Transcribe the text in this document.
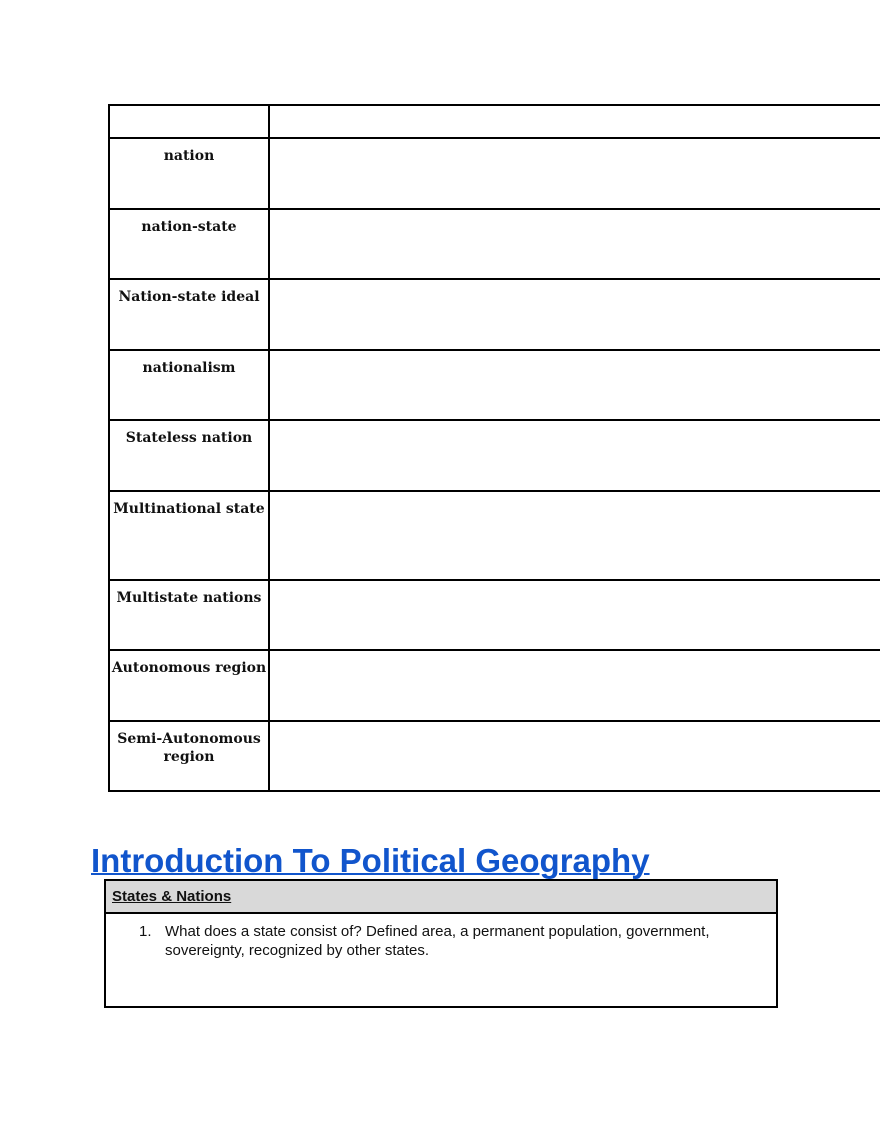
nation	
nation-state	
Nation-state ideal	
nationalism	
Stateless nation	
Multinational state	
Multistate nations	
Autonomous region	
Semi-Autonomous region	
Introduction To Political Geography
States & Nations

1. What does a state consist of? Defined area, a permanent population, government, sovereignty, recognized by other states.
